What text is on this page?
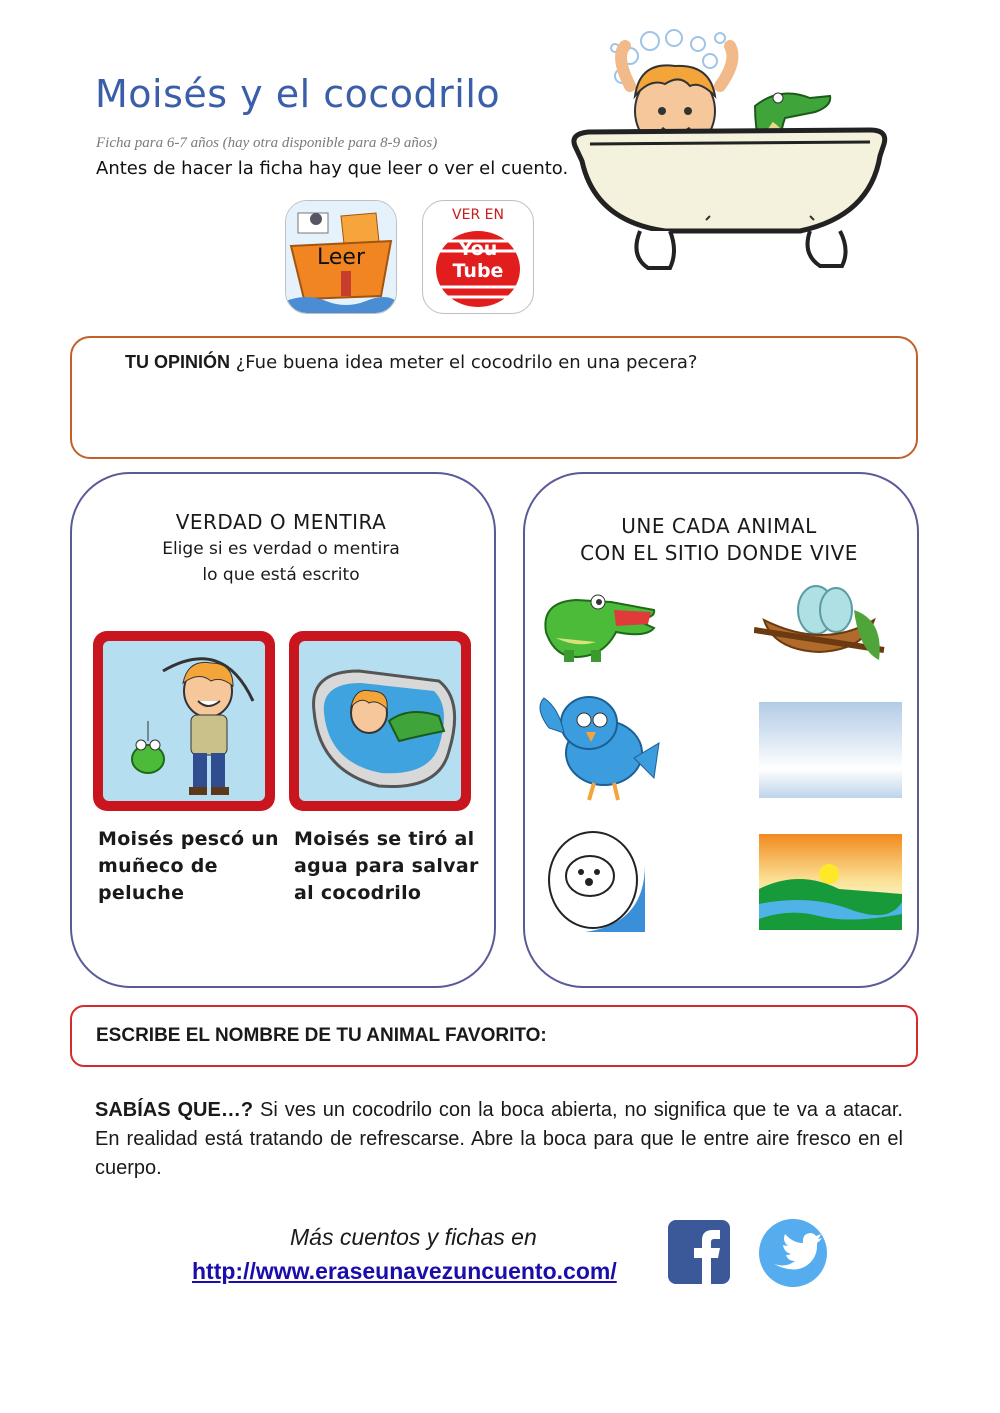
Moisés y el cocodrilo
Ficha para 6-7 años (hay otra disponible para 8-9 años)
Antes de hacer la ficha hay que leer o ver el cuento.
Leer
VER EN
You
Tube
TU OPINIÓN ¿Fue buena idea meter el cocodrilo en una pecera?
VERDAD O MENTIRA
Elige si es verdad o mentira
lo que está escrito
Moisés pescó un
muñeco de
peluche
Moisés se tiró al
agua para salvar
al cocodrilo
UNE CADA ANIMAL
CON EL SITIO DONDE VIVE
ESCRIBE EL NOMBRE DE TU ANIMAL FAVORITO:
SABÍAS QUE…? Si ves un cocodrilo con la boca abierta, no significa que te va a atacar. En realidad está tratando de refrescarse. Abre la boca para que le entre aire fresco en el cuerpo.
Más cuentos y fichas en
http://www.eraseunavezuncuento.com/
